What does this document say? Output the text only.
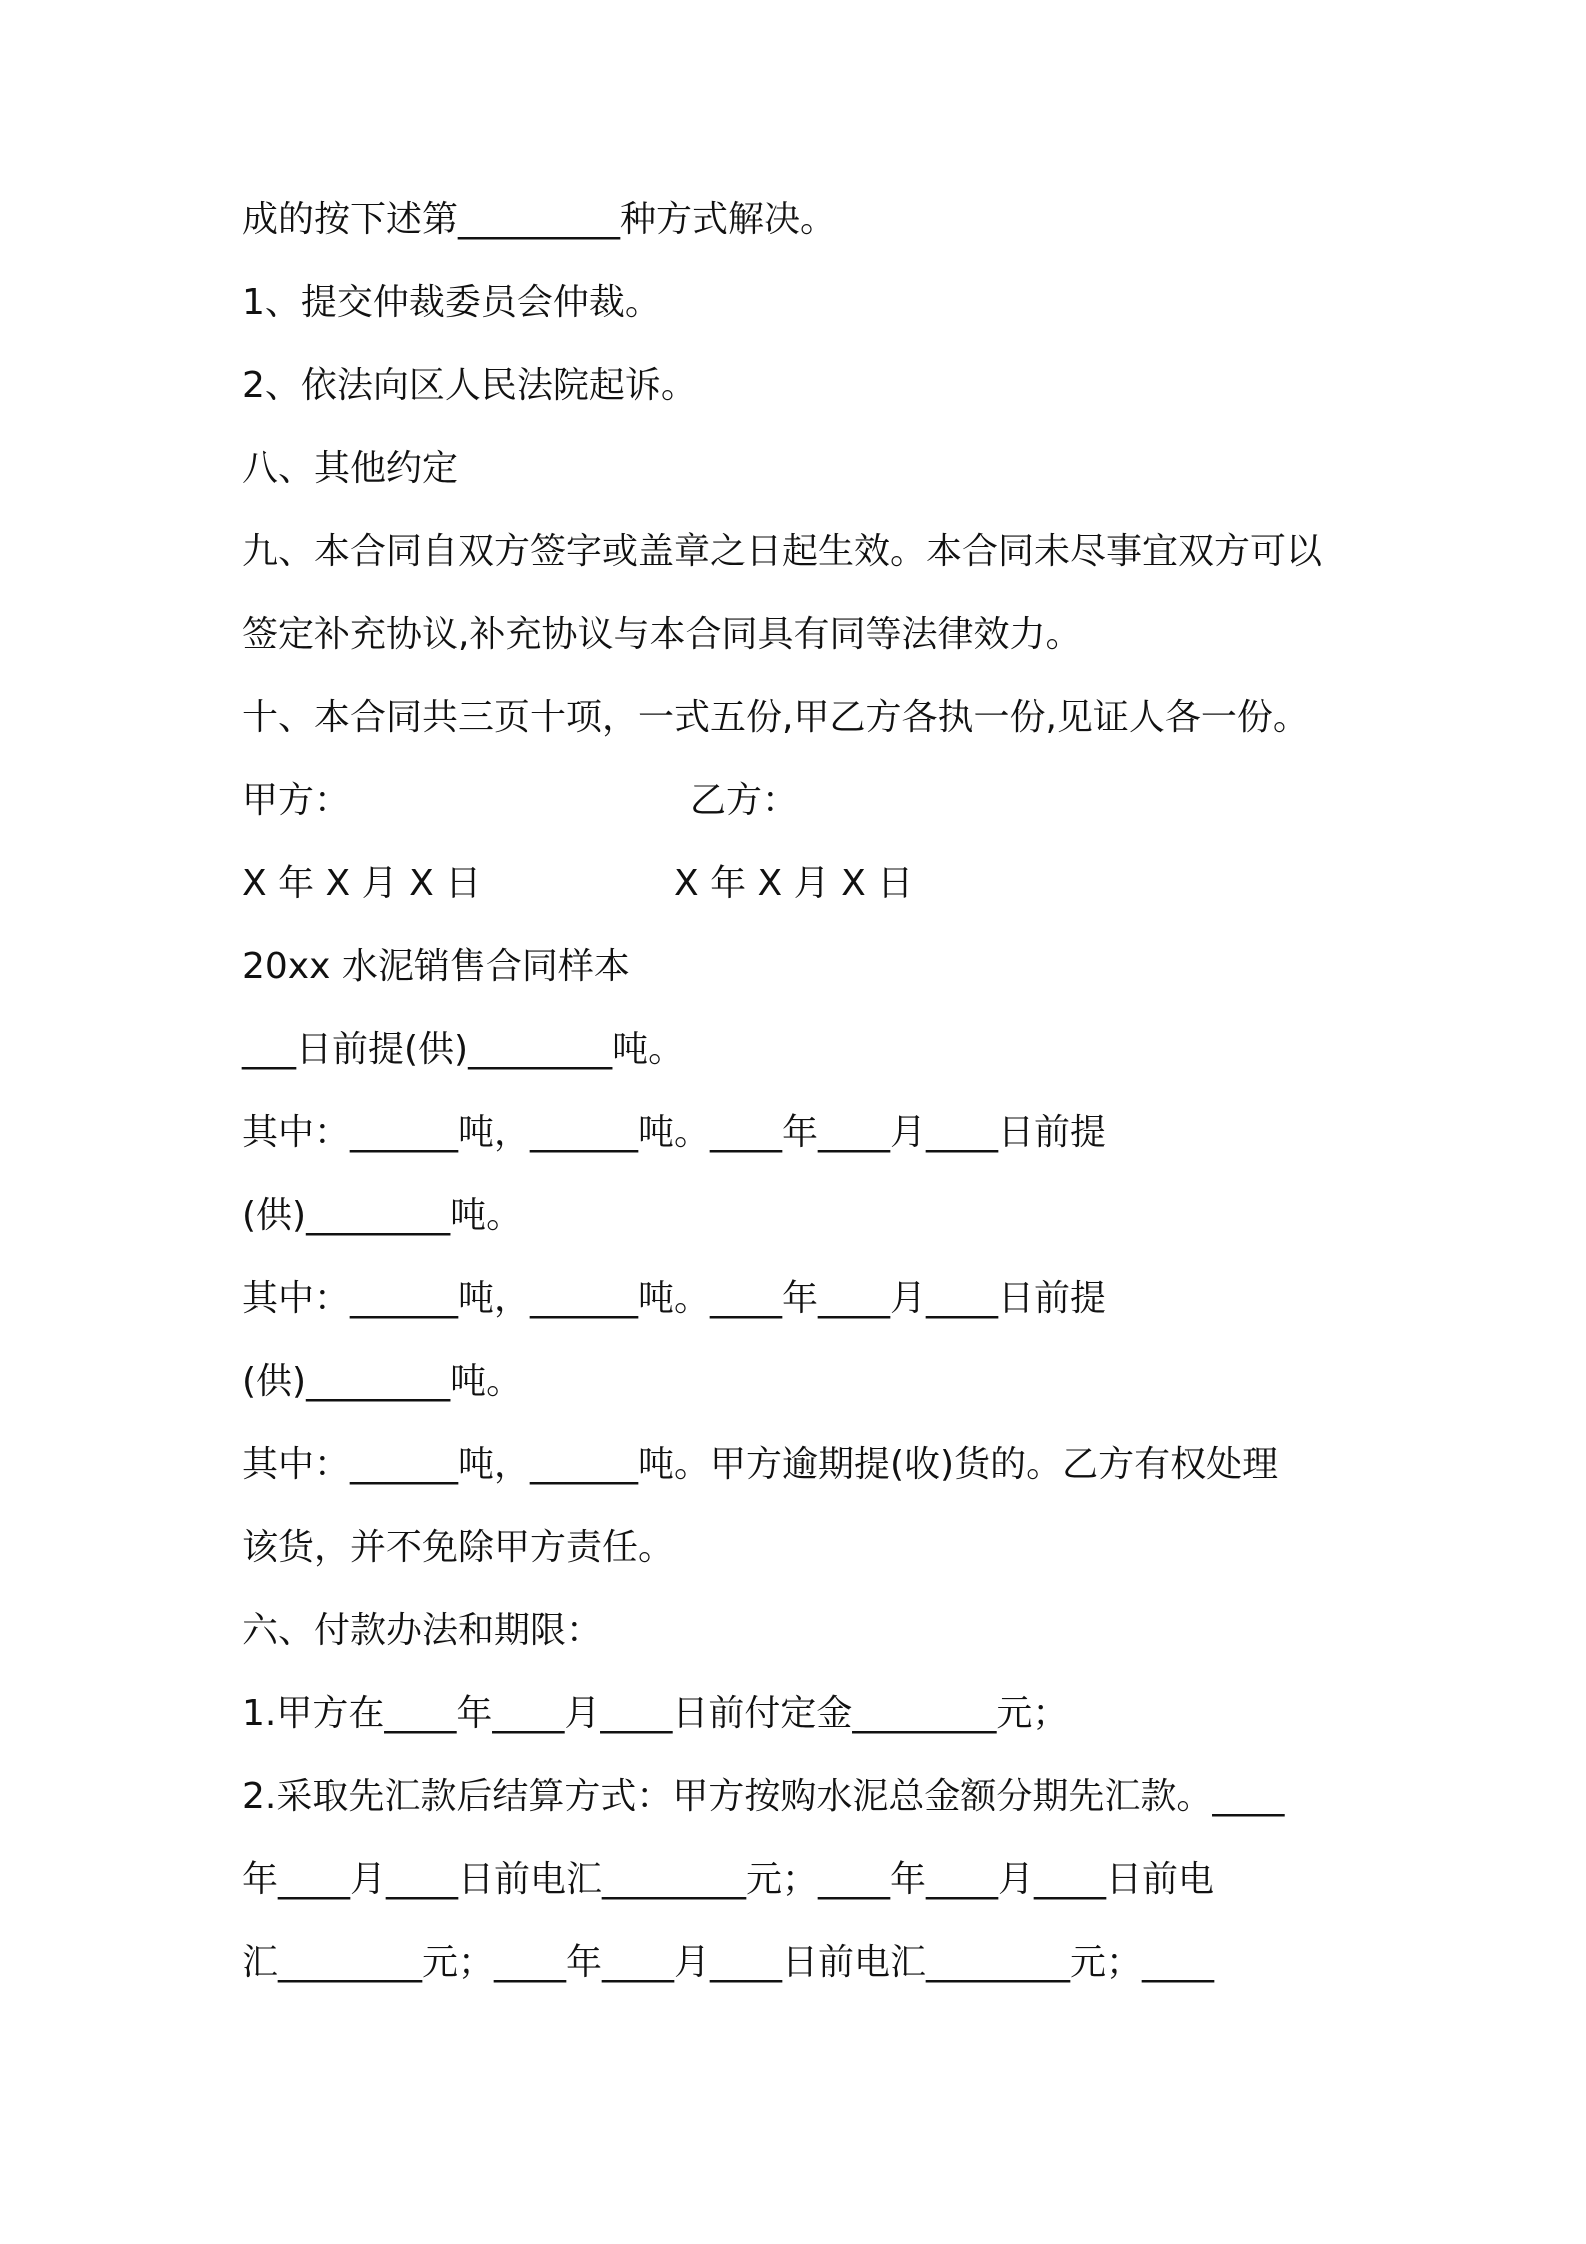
成的按下述第_________种方式解决。
1、提交仲裁委员会仲裁。
2、依法向区人民法院起诉。
八、其他约定
九、本合同自双方签字或盖章之日起生效。本合同未尽事宜双方可以
签定补充协议,补充协议与本合同具有同等法律效力。
十、本合同共三页十项，一式五份,甲乙方各执一份,见证人各一份。
甲方：	乙方：
X 年 X 月 X 日	X 年 X 月 X 日
20xx 水泥销售合同样本
___日前提(供)________吨。
其中：______吨，______吨。____年____月____日前提
(供)________吨。
其中：______吨，______吨。____年____月____日前提
(供)________吨。
其中：______吨，______吨。甲方逾期提(收)货的。乙方有权处理
该货，并不免除甲方责任。
六、付款办法和期限：
1.甲方在____年____月____日前付定金________元；
2.采取先汇款后结算方式：甲方按购水泥总金额分期先汇款。____
年____月____日前电汇________元；____年____月____日前电
汇________元；____年____月____日前电汇________元；____
